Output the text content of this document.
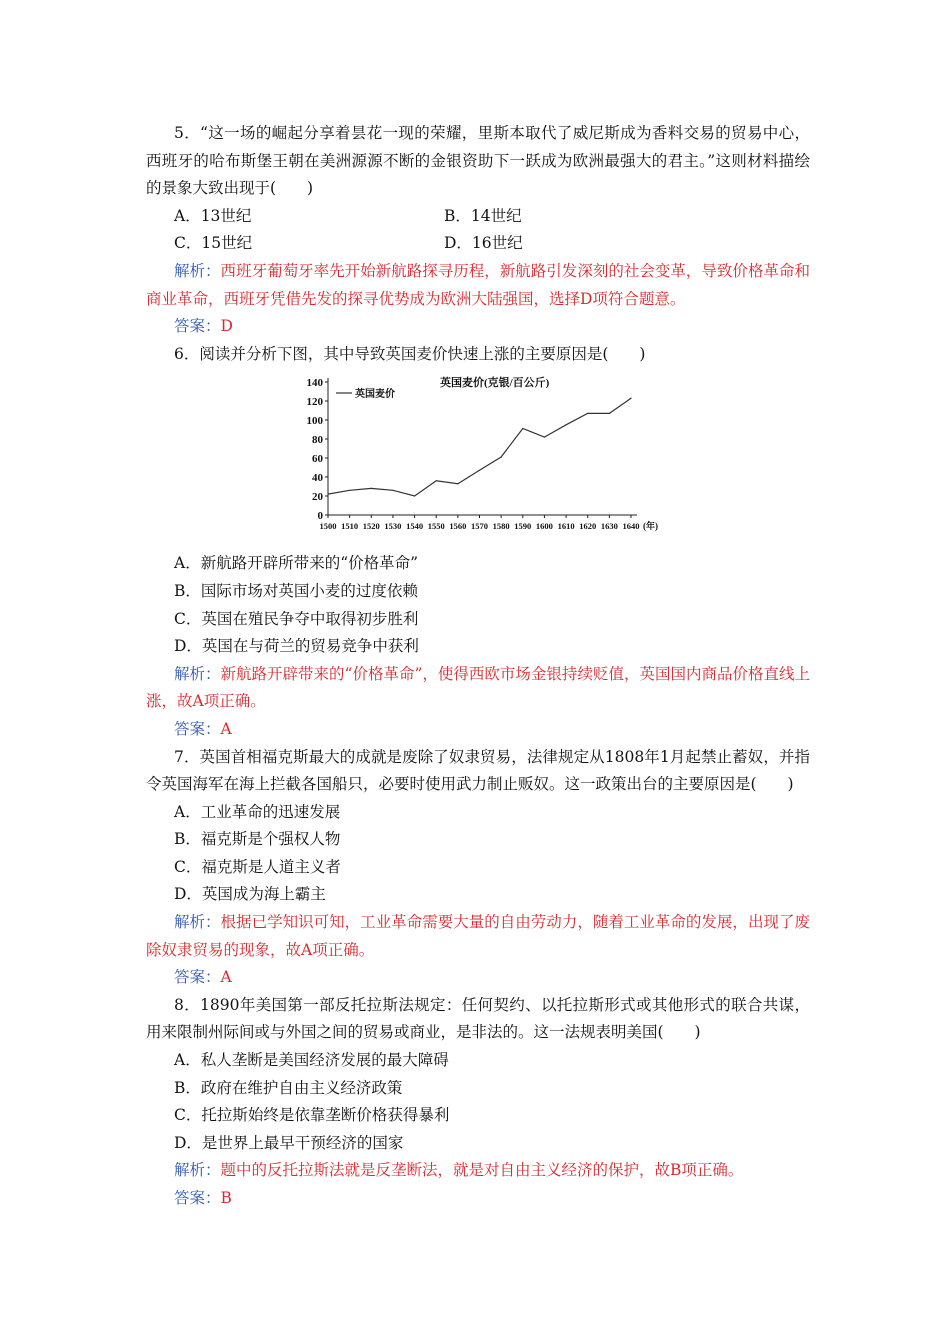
5．“这一场的崛起分享着昙花一现的荣耀，里斯本取代了威尼斯成为香料交易的贸易中心，西班牙的哈布斯堡王朝在美洲源源不断的金银资助下一跃成为欧洲最强大的君主。”这则材料描绘的景象大致出现于(　　)
A．13世纪	B．14世纪
C．15世纪	D．16世纪
解析：西班牙葡萄牙率先开始新航路探寻历程，新航路引发深刻的社会变革，导致价格革命和商业革命，西班牙凭借先发的探寻优势成为欧洲大陆强国，选择D项符合题意。
答案：D
6．阅读并分析下图，其中导致英国麦价快速上涨的主要原因是(　　)
0
20
40
60
80
100
120
140
1500 1510 1520 1530 1540 1550 1560 1570 1580 1590 1600 1610 1620 1630 1640 (年)
英国麦价(克银/百公斤)
英国麦价
A．新航路开辟所带来的“价格革命”
B．国际市场对英国小麦的过度依赖
C．英国在殖民争夺中取得初步胜利
D．英国在与荷兰的贸易竞争中获利
解析：新航路开辟带来的“价格革命”，使得西欧市场金银持续贬值，英国国内商品价格直线上涨，故A项正确。
答案：A
7．英国首相福克斯最大的成就是废除了奴隶贸易，法律规定从1808年1月起禁止蓄奴，并指令英国海军在海上拦截各国船只，必要时使用武力制止贩奴。这一政策出台的主要原因是(　　)
A．工业革命的迅速发展
B．福克斯是个强权人物
C．福克斯是人道主义者
D．英国成为海上霸主
解析：根据已学知识可知，工业革命需要大量的自由劳动力，随着工业革命的发展，出现了废除奴隶贸易的现象，故A项正确。
答案：A
8．1890年美国第一部反托拉斯法规定：任何契约、以托拉斯形式或其他形式的联合共谋，用来限制州际间或与外国之间的贸易或商业，是非法的。这一法规表明美国(　　)
A．私人垄断是美国经济发展的最大障碍
B．政府在维护自由主义经济政策
C．托拉斯始终是依靠垄断价格获得暴利
D．是世界上最早干预经济的国家
解析：题中的反托拉斯法就是反垄断法，就是对自由主义经济的保护，故B项正确。
答案：B
